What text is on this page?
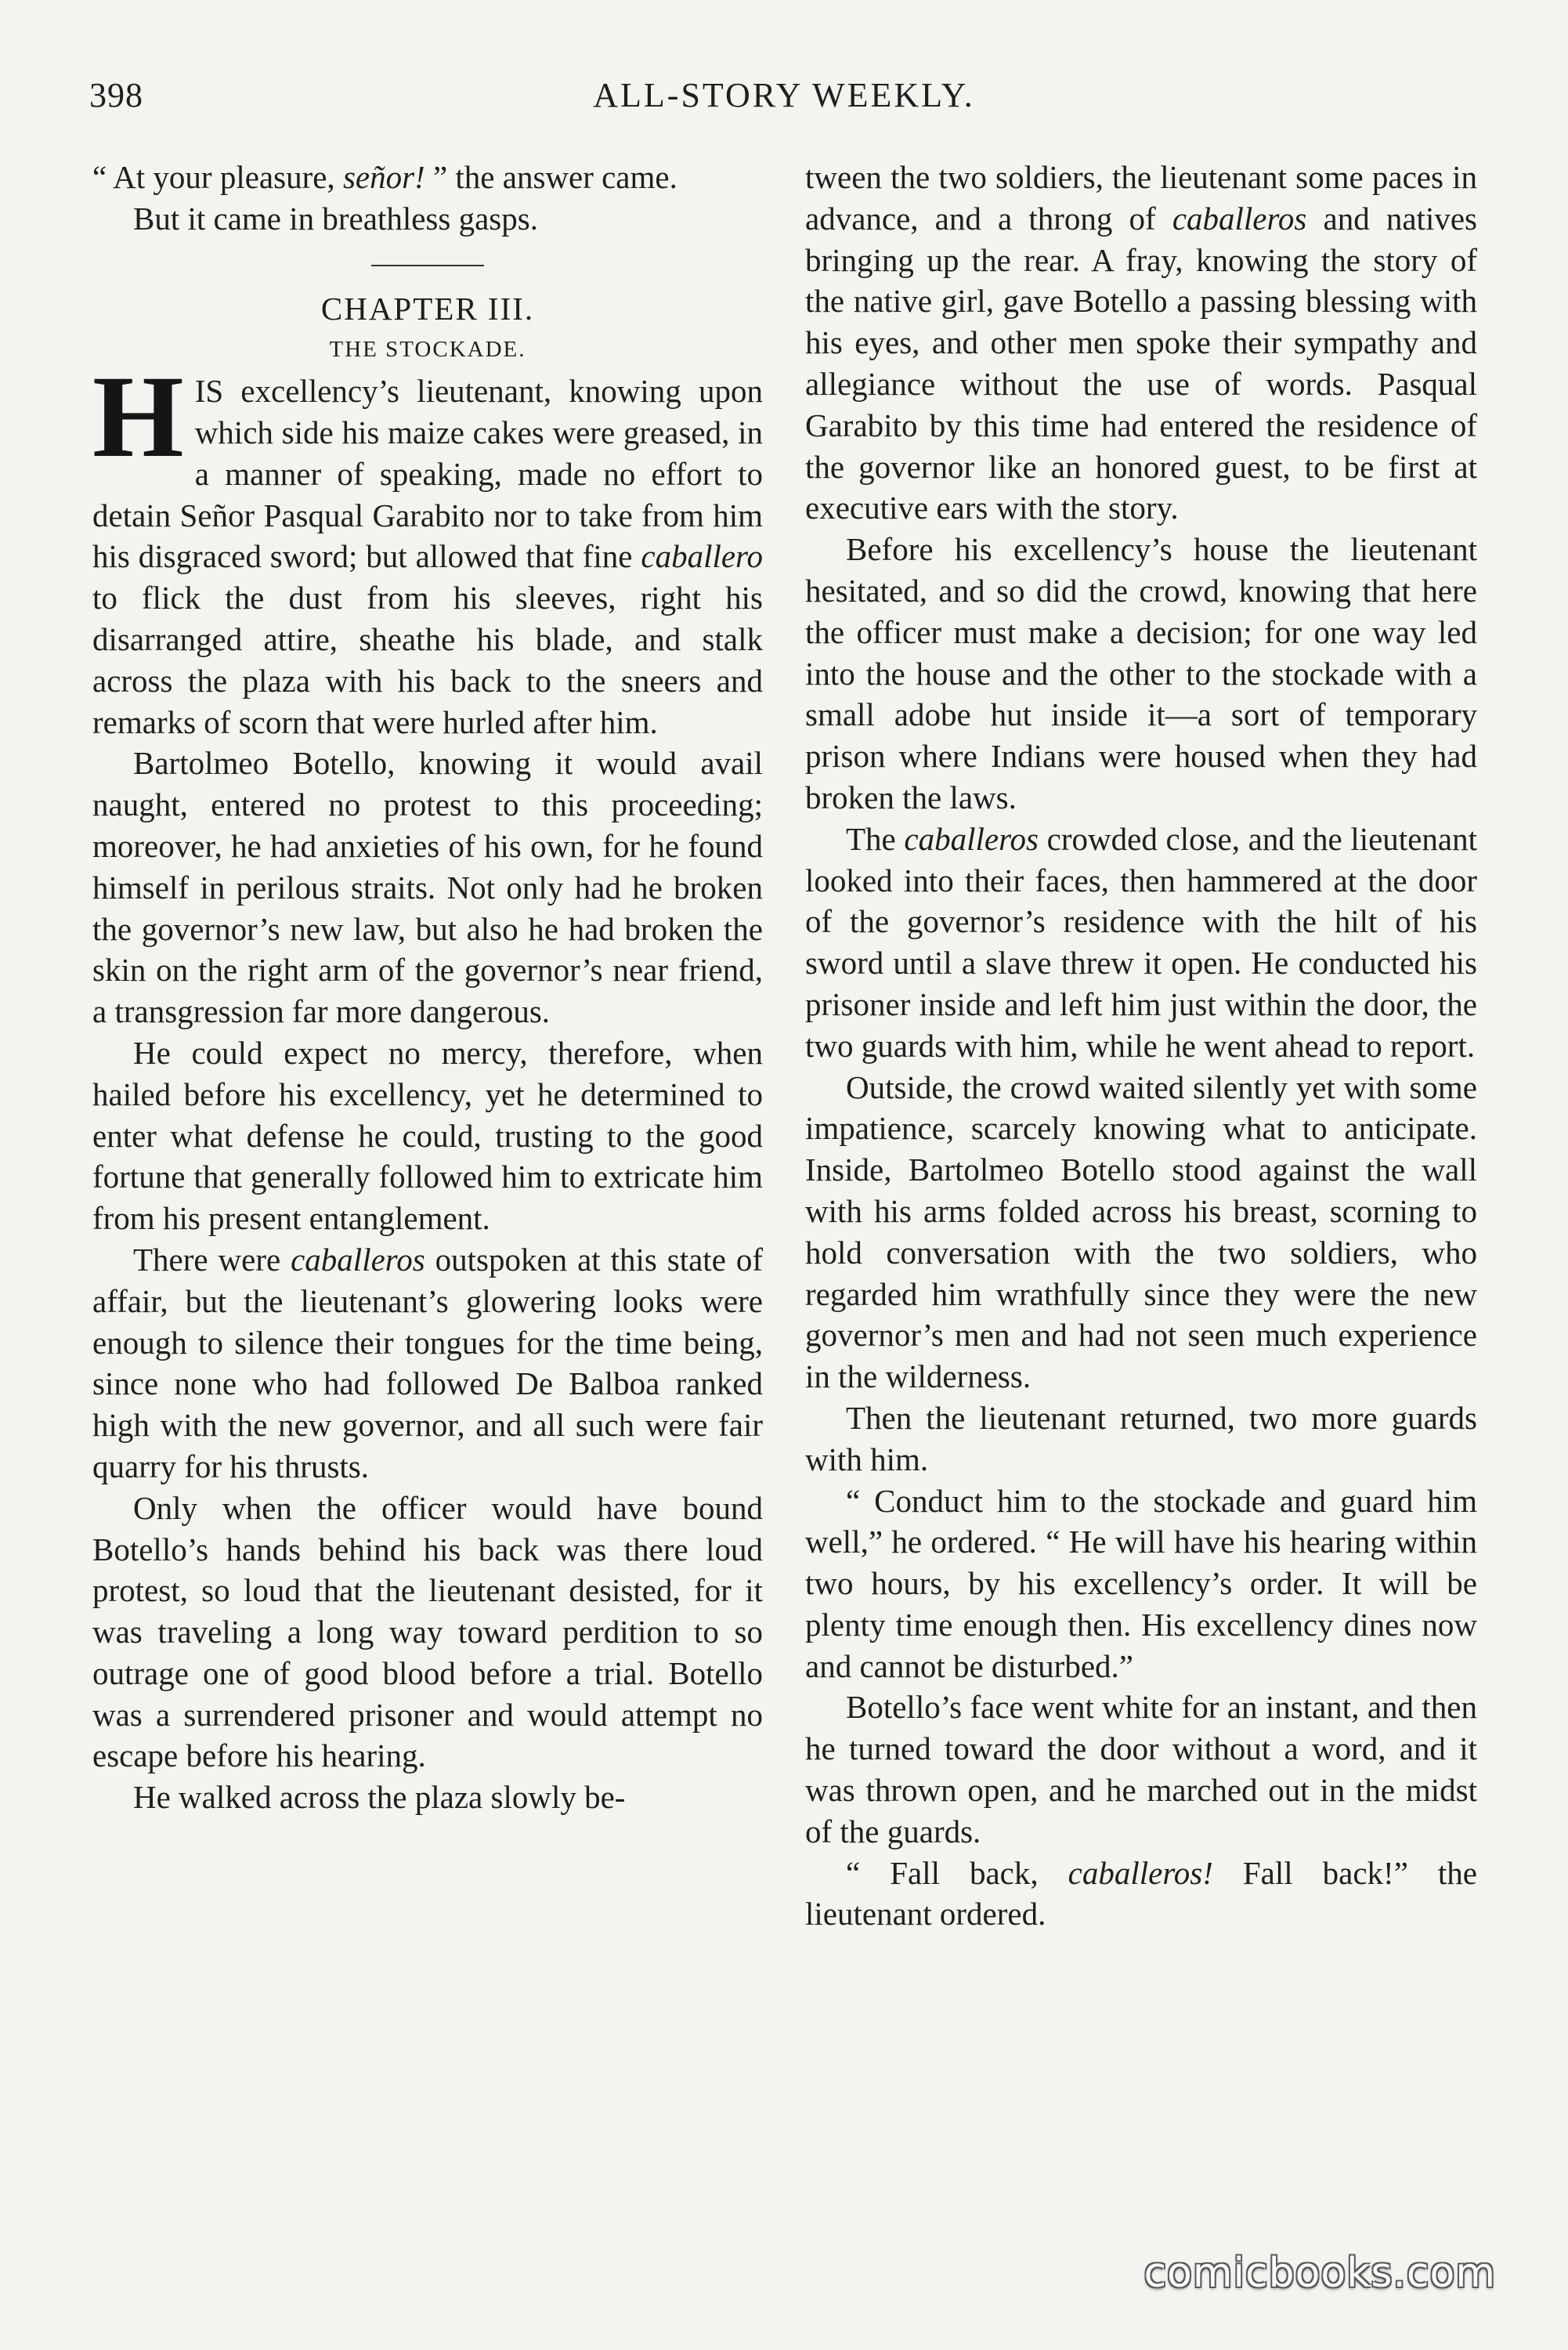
398	ALL-STORY WEEKLY.

“ At your pleasure, señor! ” the answer came.

But it came in breathless gasps.

CHAPTER III.

THE STOCKADE.

HIS excellency’s lieutenant, knowing upon which side his maize cakes were greased, in a manner of speaking, made no effort to detain Señor Pasqual Garabito nor to take from him his disgraced sword; but allowed that fine caballero to flick the dust from his sleeves, right his disarranged attire, sheathe his blade, and stalk across the plaza with his back to the sneers and remarks of scorn that were hurled after him.

Bartolmeo Botello, knowing it would avail naught, entered no protest to this proceeding; moreover, he had anxieties of his own, for he found himself in perilous straits. Not only had he broken the governor’s new law, but also he had broken the skin on the right arm of the governor’s near friend, a transgression far more dangerous.

He could expect no mercy, therefore, when hailed before his excellency, yet he determined to enter what defense he could, trusting to the good fortune that generally followed him to extricate him from his present entanglement.

There were caballeros outspoken at this state of affair, but the lieutenant’s glowering looks were enough to silence their tongues for the time being, since none who had followed De Balboa ranked high with the new governor, and all such were fair quarry for his thrusts.

Only when the officer would have bound Botello’s hands behind his back was there loud protest, so loud that the lieutenant desisted, for it was traveling a long way toward perdition to so outrage one of good blood before a trial. Botello was a surrendered prisoner and would attempt no escape before his hearing.

He walked across the plaza slowly be-

tween the two soldiers, the lieutenant some paces in advance, and a throng of caballeros and natives bringing up the rear. A fray, knowing the story of the native girl, gave Botello a passing blessing with his eyes, and other men spoke their sympathy and allegiance without the use of words. Pasqual Garabito by this time had entered the residence of the governor like an honored guest, to be first at executive ears with the story.

Before his excellency’s house the lieutenant hesitated, and so did the crowd, knowing that here the officer must make a decision; for one way led into the house and the other to the stockade with a small adobe hut inside it—a sort of temporary prison where Indians were housed when they had broken the laws.

The caballeros crowded close, and the lieutenant looked into their faces, then hammered at the door of the governor’s residence with the hilt of his sword until a slave threw it open. He conducted his prisoner inside and left him just within the door, the two guards with him, while he went ahead to report.

Outside, the crowd waited silently yet with some impatience, scarcely knowing what to anticipate. Inside, Bartolmeo Botello stood against the wall with his arms folded across his breast, scorning to hold conversation with the two soldiers, who regarded him wrathfully since they were the new governor’s men and had not seen much experience in the wilderness.

Then the lieutenant returned, two more guards with him.

“ Conduct him to the stockade and guard him well,” he ordered. “ He will have his hearing within two hours, by his excellency’s order. It will be plenty time enough then. His excellency dines now and cannot be disturbed.”

Botello’s face went white for an instant, and then he turned toward the door without a word, and it was thrown open, and he marched out in the midst of the guards.

“ Fall back, caballeros! Fall back!” the lieutenant ordered.

comicbooks.com
